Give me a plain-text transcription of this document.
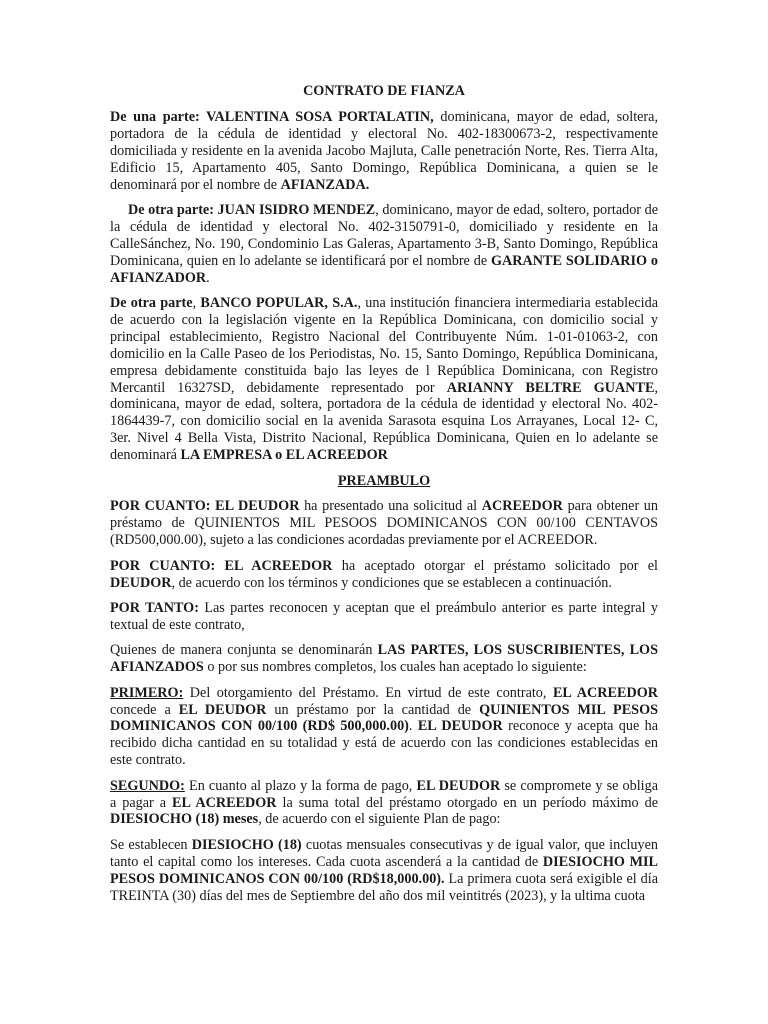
CONTRATO DE FIANZA

De una parte: VALENTINA SOSA PORTALATIN, dominicana, mayor de edad, soltera, portadora de la cédula de identidad y electoral No. 402-18300673-2, respectivamente domiciliada y residente en la avenida Jacobo Majluta, Calle penetración Norte, Res. Tierra Alta, Edificio 15, Apartamento 405, Santo Domingo, República Dominicana, a quien se le denominará por el nombre de AFIANZADA.

De otra parte: JUAN ISIDRO MENDEZ, dominicano, mayor de edad, soltero, portador de la cédula de identidad y electoral No. 402-3150791-0, domiciliado y residente en la CalleSánchez, No. 190, Condominio Las Galeras, Apartamento 3-B, Santo Domingo, República Dominicana, quien en lo adelante se identificará por el nombre de GARANTE SOLIDARIO o AFIANZADOR.

De otra parte, BANCO POPULAR, S.A., una institución financiera intermediaria establecida de acuerdo con la legislación vigente en la República Dominicana, con domicilio social y principal establecimiento, Registro Nacional del Contribuyente Núm. 1-01-01063-2, con domicilio en la Calle Paseo de los Periodistas, No. 15, Santo Domingo, República Dominicana, empresa debidamente constituida bajo las leyes de l República Dominicana, con Registro Mercantil 16327SD, debidamente representado por ARIANNY BELTRE GUANTE, dominicana, mayor de edad, soltera, portadora de la cédula de identidad y electoral No. 402-1864439-7, con domicilio social en la avenida Sarasota esquina Los Arrayanes, Local 12- C, 3er. Nivel 4 Bella Vista, Distrito Nacional, República Dominicana, Quien en lo adelante se denominará LA EMPRESA o EL ACREEDOR

PREAMBULO

POR CUANTO: EL DEUDOR ha presentado una solicitud al ACREEDOR para obtener un préstamo de QUINIENTOS MIL PESOOS DOMINICANOS CON 00/100 CENTAVOS (RD500,000.00), sujeto a las condiciones acordadas previamente por el ACREEDOR.

POR CUANTO: EL ACREEDOR ha aceptado otorgar el préstamo solicitado por el DEUDOR, de acuerdo con los términos y condiciones que se establecen a continuación.

POR TANTO: Las partes reconocen y aceptan que el preámbulo anterior es parte integral y textual de este contrato,

Quienes de manera conjunta se denominarán LAS PARTES, LOS SUSCRIBIENTES, LOS AFIANZADOS o por sus nombres completos, los cuales han aceptado lo siguiente:

PRIMERO: Del otorgamiento del Préstamo. En virtud de este contrato, EL ACREEDOR concede a EL DEUDOR un préstamo por la cantidad de QUINIENTOS MIL PESOS DOMINICANOS CON 00/100 (RD$ 500,000.00). EL DEUDOR reconoce y acepta que ha recibido dicha cantidad en su totalidad y está de acuerdo con las condiciones establecidas en este contrato.

SEGUNDO: En cuanto al plazo y la forma de pago, EL DEUDOR se compromete y se obliga a pagar a EL ACREEDOR la suma total del préstamo otorgado en un período máximo de DIESIOCHO (18) meses, de acuerdo con el siguiente Plan de pago:

Se establecen DIESIOCHO (18) cuotas mensuales consecutivas y de igual valor, que incluyen tanto el capital como los intereses. Cada cuota ascenderá a la cantidad de DIESIOCHO MIL PESOS DOMINICANOS CON 00/100 (RD$18,000.00). La primera cuota será exigible el día TREINTA (30) días del mes de Septiembre del año dos mil veintitrés (2023), y la ultima cuota
